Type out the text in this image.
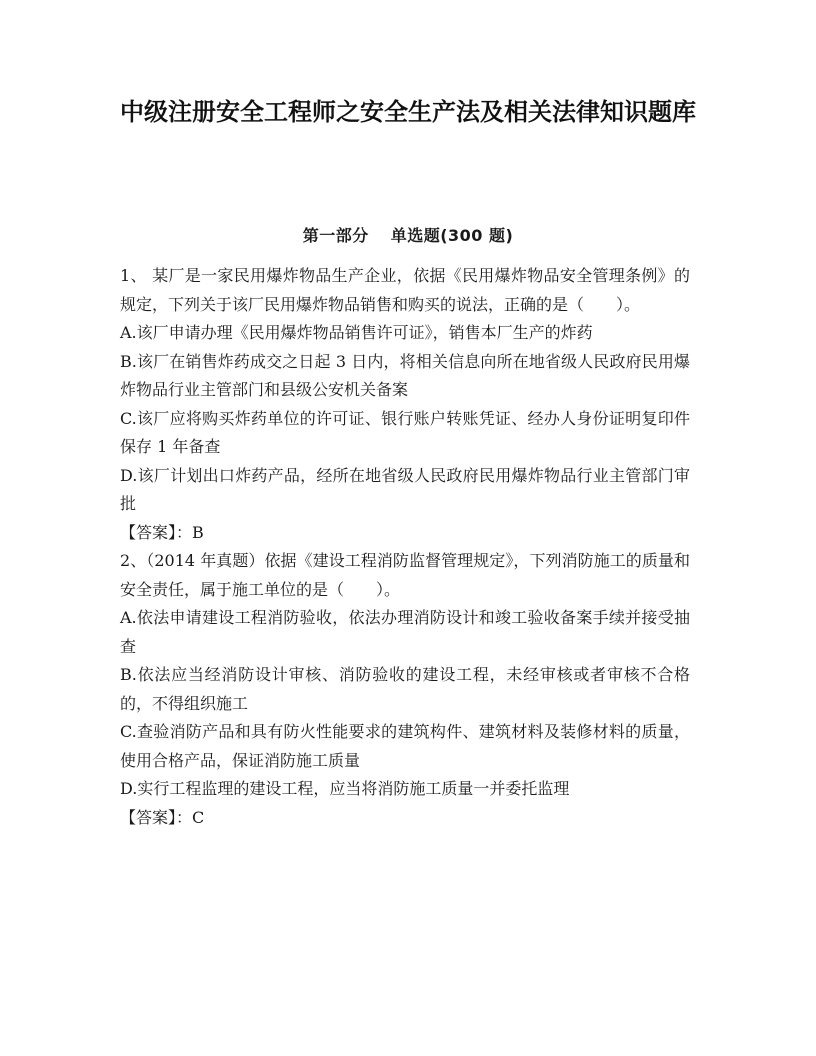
中级注册安全工程师之安全生产法及相关法律知识题库
第一部分 单选题(300 题)

1、 某厂是一家民用爆炸物品生产企业，依据《民用爆炸物品安全管理条例》的规定，下列关于该厂民用爆炸物品销售和购买的说法，正确的是（　　）。

A.该厂申请办理《民用爆炸物品销售许可证》，销售本厂生产的炸药

B.该厂在销售炸药成交之日起 3 日内，将相关信息向所在地省级人民政府民用爆炸物品行业主管部门和县级公安机关备案

C.该厂应将购买炸药单位的许可证、银行账户转账凭证、经办人身份证明复印件保存 1 年备查

D.该厂计划出口炸药产品，经所在地省级人民政府民用爆炸物品行业主管部门审批

【答案】：B

2、（2014 年真题）依据《建设工程消防监督管理规定》，下列消防施工的质量和安全责任，属于施工单位的是（　　）。

A.依法申请建设工程消防验收，依法办理消防设计和竣工验收备案手续并接受抽查

B.依法应当经消防设计审核、消防验收的建设工程，未经审核或者审核不合格的，不得组织施工

C.查验消防产品和具有防火性能要求的建筑构件、建筑材料及装修材料的质量，使用合格产品，保证消防施工质量

D.实行工程监理的建设工程，应当将消防施工质量一并委托监理

【答案】：C
